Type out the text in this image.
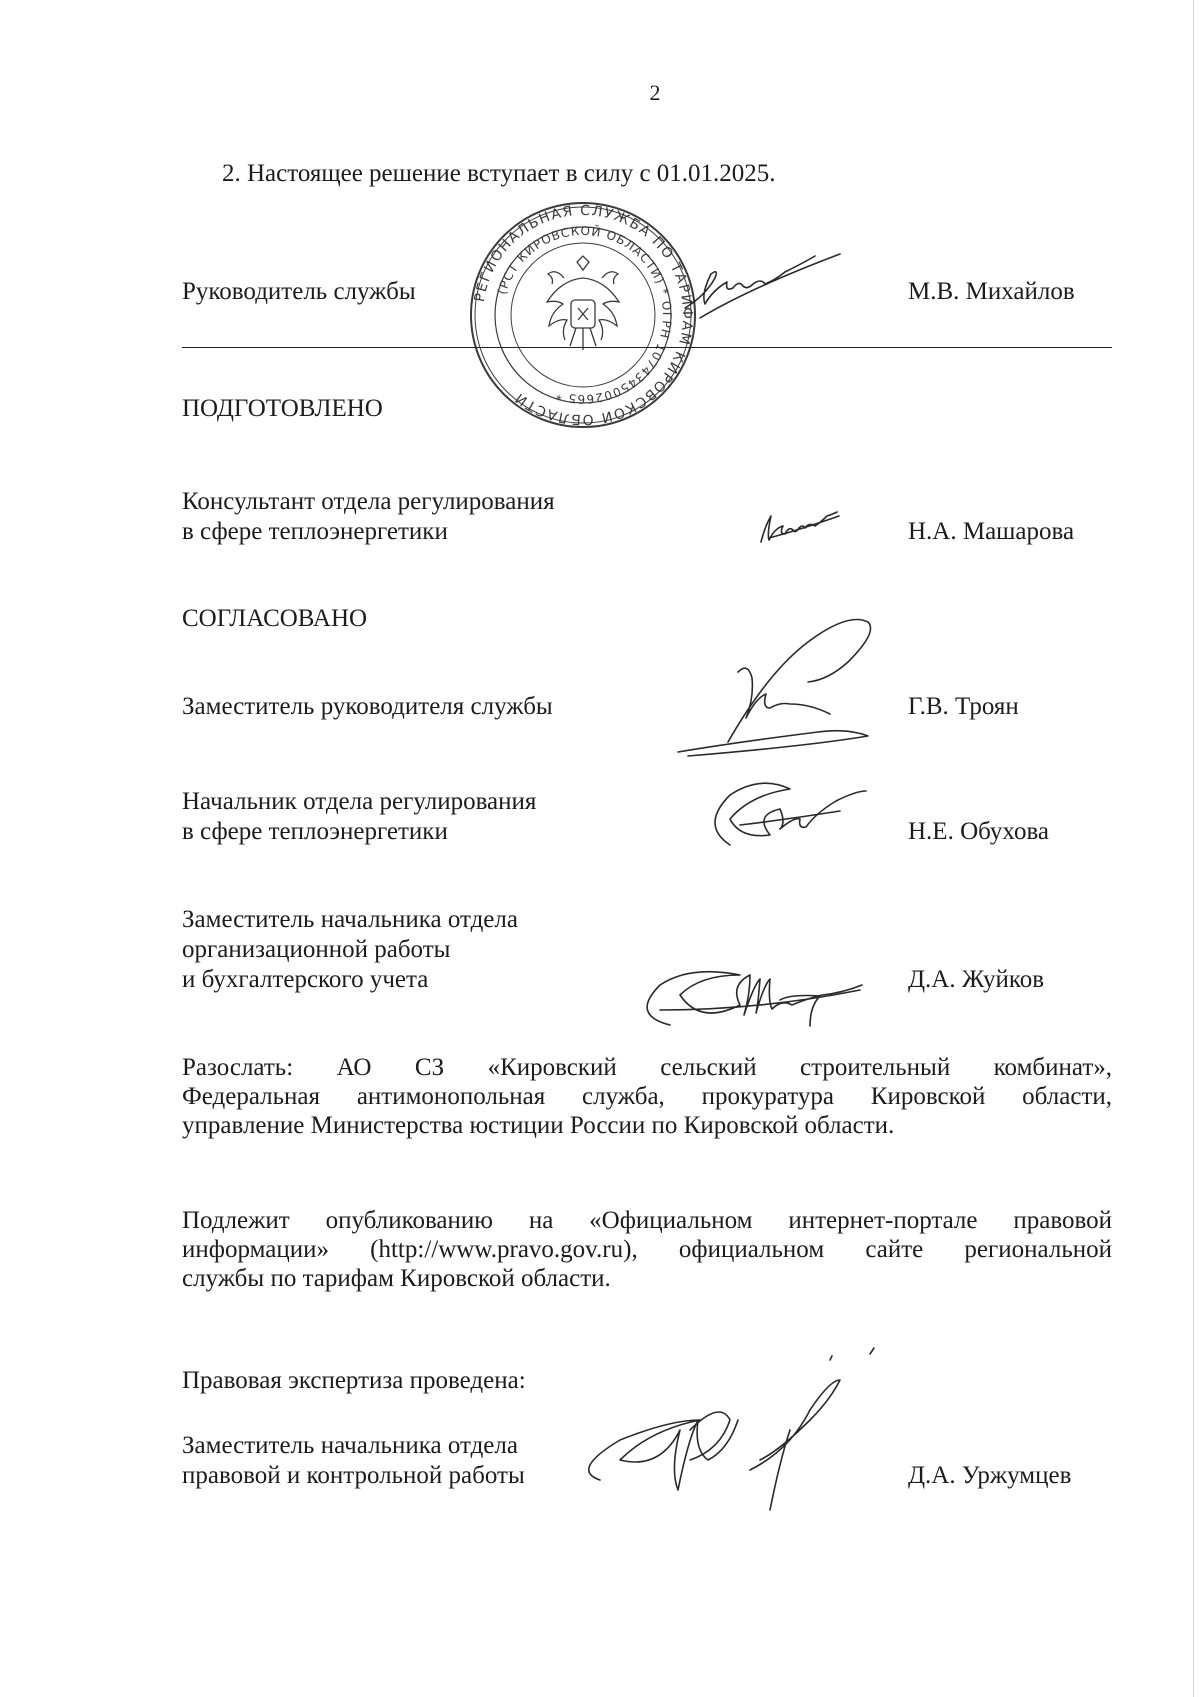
2
2. Настоящее решение вступает в силу с 01.01.2025.
РЕГИОНАЛЬНАЯ СЛУЖБА ПО ТАРИФАМ КИРОВСКОЙ ОБЛАСТИ
(РСТ КИРОВСКОЙ ОБЛАСТИ) * ОГРН 1074345002665 *
Руководитель службы	М.В. Михайлов
ПОДГОТОВЛЕНО
Консультант отдела регулирования
в сфере теплоэнергетики	Н.А. Машарова
СОГЛАСОВАНО
Заместитель руководителя службы	Г.В. Троян
Начальник отдела регулирования
в сфере теплоэнергетики	Н.Е. Обухова
Заместитель начальника отдела
организационной работы
и бухгалтерского учета	Д.А. Жуйков
Разослать: АО СЗ «Кировский сельский строительный комбинат»,
Федеральная антимонопольная служба, прокуратура Кировской области,
управление Министерства юстиции России по Кировской области.
Подлежит опубликованию на «Официальном интернет-портале правовой
информации» (http://www.pravo.gov.ru), официальном сайте региональной
службы по тарифам Кировской области.
Правовая экспертиза проведена:
Заместитель начальника отдела
правовой и контрольной работы	Д.А. Уржумцев
